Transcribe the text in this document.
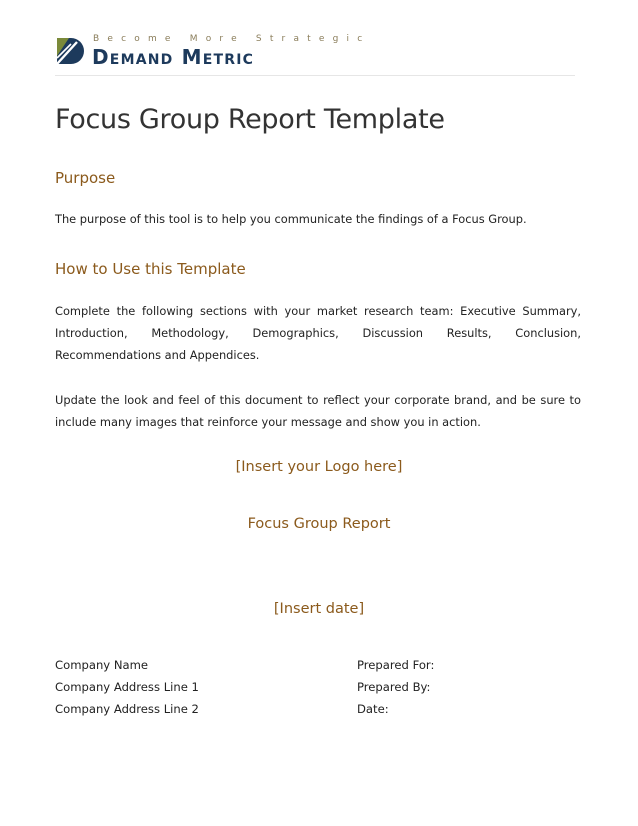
Become More Strategic
Demand Metric
Focus Group Report Template
Purpose
The purpose of this tool is to help you communicate the findings of a Focus Group.
How to Use this Template
Complete the following sections with your market research team: Executive Summary,
Introduction, Methodology, Demographics, Discussion Results, Conclusion,
Recommendations and Appendices.
Update the look and feel of this document to reflect your corporate brand, and be sure to
include many images that reinforce your message and show you in action.
[Insert your Logo here]
Focus Group Report
[Insert date]
Company Name
Company Address Line 1
Company Address Line 2
Prepared For:
Prepared By:
Date:
